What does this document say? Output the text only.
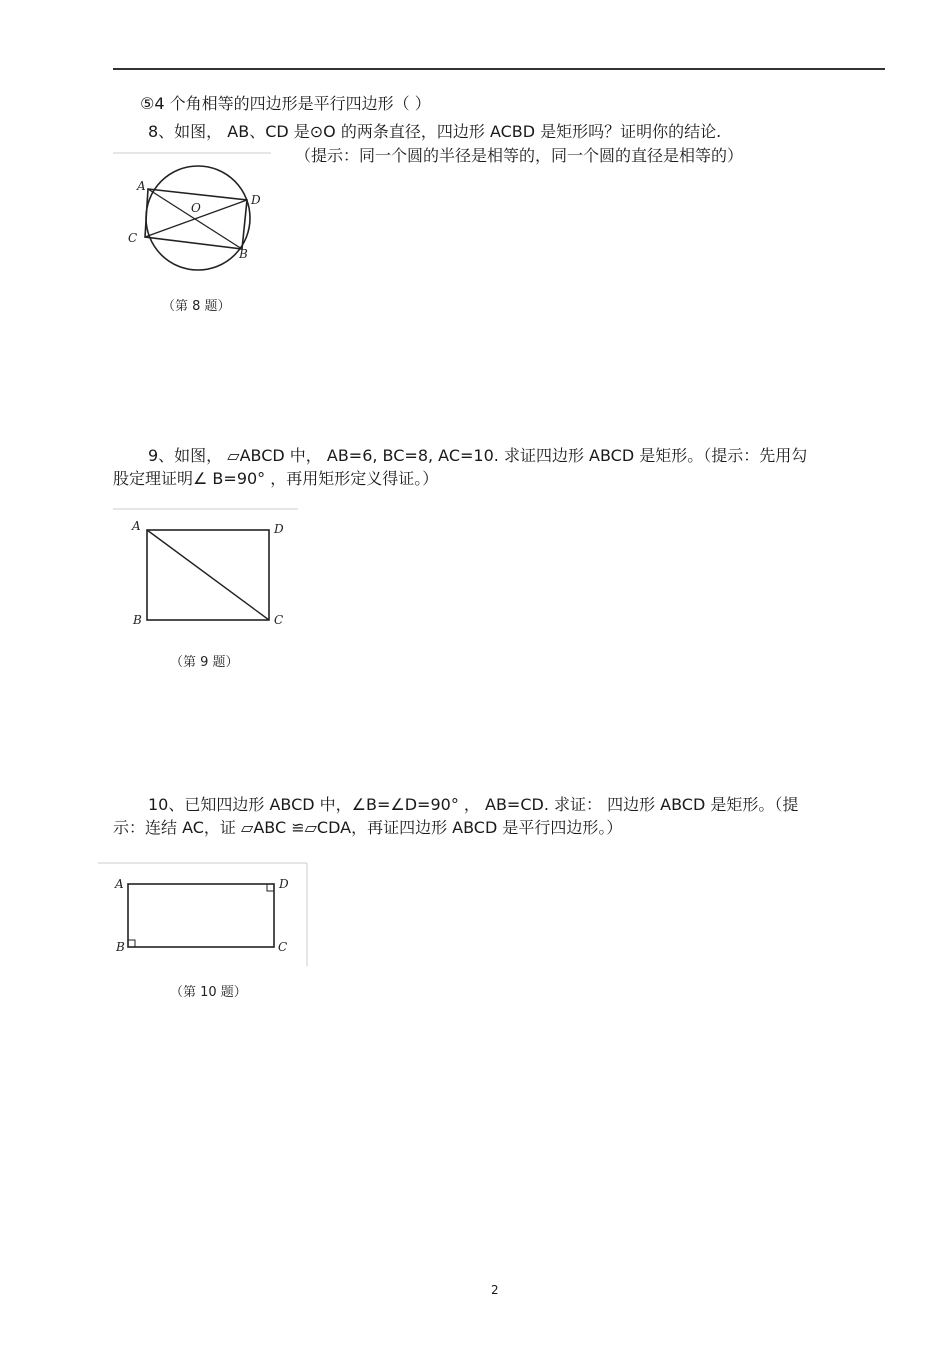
⑤4 个角相等的四边形是平行四边形（ ）
8、如图， AB、CD 是⊙O 的两条直径，四边形 ACBD 是矩形吗？证明你的结论.
（提示：同一个圆的半径是相等的，同一个圆的直径是相等的）
A
D
O
C
B
（第 8 题）
9、如图， ▱ABCD 中， AB=6, BC=8, AC=10. 求证四边形 ABCD 是矩形。（提示：先用勾
股定理证明∠ B=90° ，再用矩形定义得证。）
A	D
B	C
（第 9 题）
10、已知四边形 ABCD 中，∠B=∠D=90° ， AB=CD. 求证： 四边形 ABCD 是矩形。（提
示：连结 AC，证 ▱ABC ≌▱CDA，再证四边形 ABCD 是平行四边形。）
A	D
B	C
（第 10 题）
2
